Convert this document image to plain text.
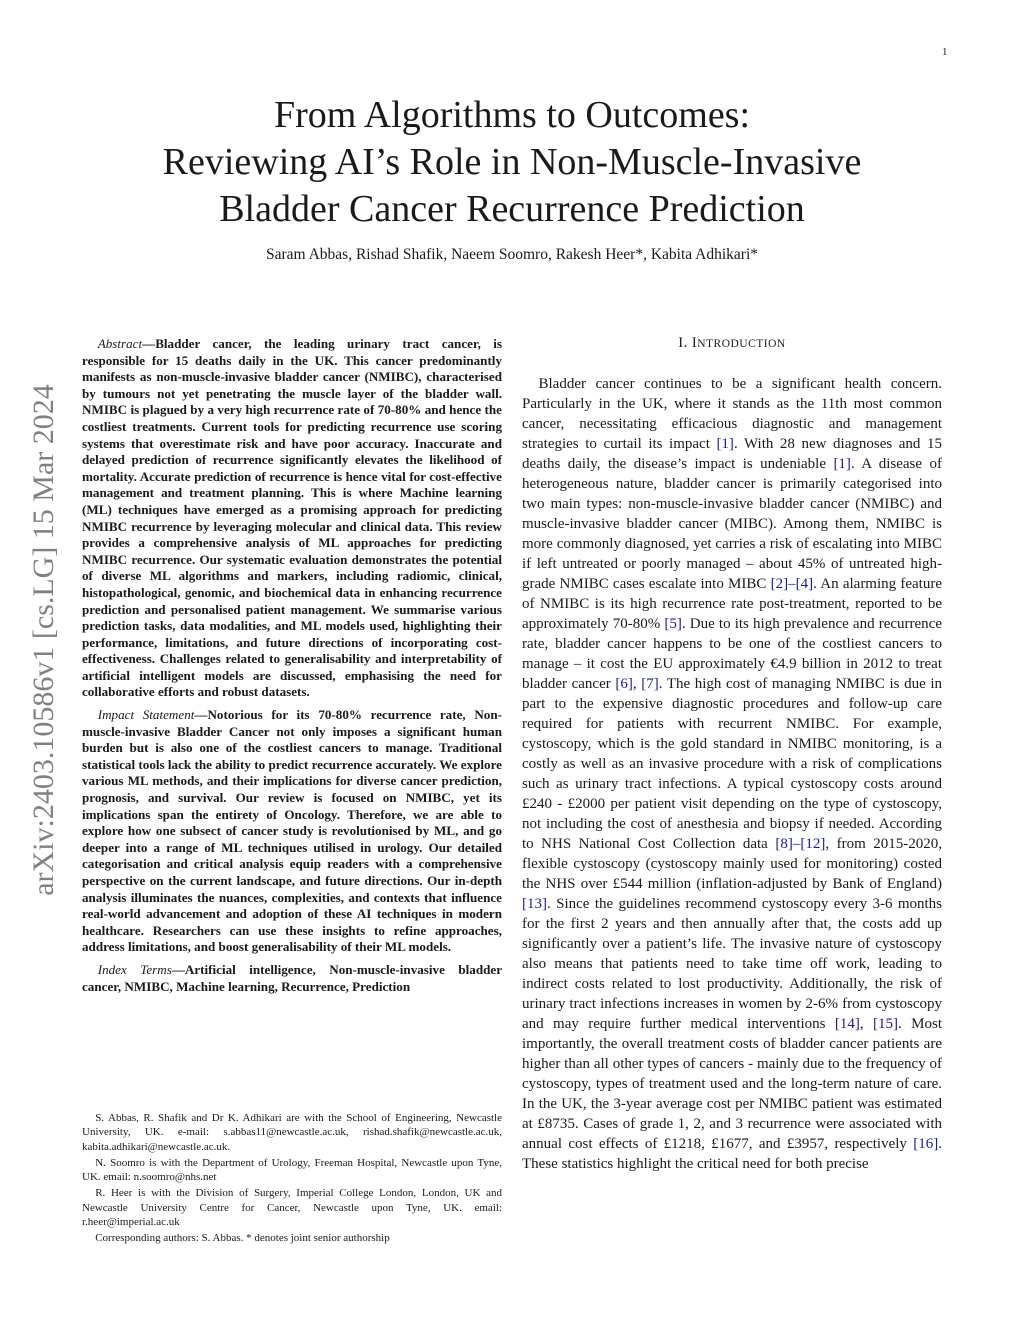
1
arXiv:2403.10586v1 [cs.LG] 15 Mar 2024
From Algorithms to Outcomes:
Reviewing AI’s Role in Non-Muscle-Invasive
Bladder Cancer Recurrence Prediction
Saram Abbas, Rishad Shafik, Naeem Soomro, Rakesh Heer*, Kabita Adhikari*

Abstract—Bladder cancer, the leading urinary tract cancer, is responsible for 15 deaths daily in the UK. This cancer predominantly manifests as non-muscle-invasive bladder cancer (NMIBC), characterised by tumours not yet penetrating the muscle layer of the bladder wall. NMIBC is plagued by a very high recurrence rate of 70-80% and hence the costliest treatments. Current tools for predicting recurrence use scoring systems that overestimate risk and have poor accuracy. Inaccurate and delayed prediction of recurrence significantly elevates the likelihood of mortality. Accurate prediction of recurrence is hence vital for cost-effective management and treatment planning. This is where Machine learning (ML) techniques have emerged as a promising approach for predicting NMIBC recurrence by leveraging molecular and clinical data. This review provides a comprehensive analysis of ML approaches for predicting NMIBC recurrence. Our systematic evaluation demonstrates the potential of diverse ML algorithms and markers, including radiomic, clinical, histopathological, genomic, and biochemical data in enhancing recurrence prediction and personalised patient management. We summarise various prediction tasks, data modalities, and ML models used, highlighting their performance, limitations, and future directions of incorporating cost-effectiveness. Challenges related to generalisability and interpretability of artificial intelligent models are discussed, emphasising the need for collaborative efforts and robust datasets.

Impact Statement—Notorious for its 70-80% recurrence rate, Non-muscle-invasive Bladder Cancer not only imposes a significant human burden but is also one of the costliest cancers to manage. Traditional statistical tools lack the ability to predict recurrence accurately. We explore various ML methods, and their implications for diverse cancer prediction, prognosis, and survival. Our review is focused on NMIBC, yet its implications span the entirety of Oncology. Therefore, we are able to explore how one subsect of cancer study is revolutionised by ML, and go deeper into a range of ML techniques utilised in urology. Our detailed categorisation and critical analysis equip readers with a comprehensive perspective on the current landscape, and future directions. Our in-depth analysis illuminates the nuances, complexities, and contexts that influence real-world advancement and adoption of these AI techniques in modern healthcare. Researchers can use these insights to refine approaches, address limitations, and boost generalisability of their ML models.

Index Terms—Artificial intelligence, Non-muscle-invasive bladder cancer, NMIBC, Machine learning, Recurrence, Prediction

S. Abbas, R. Shafik and Dr K. Adhikari are with the School of Engineering, Newcastle University, UK. e-mail: s.abbas11@newcastle.ac.uk, rishad.shafik@newcastle.ac.uk, kabita.adhikari@newcastle.ac.uk.

N. Soomro is with the Department of Urology, Freeman Hospital, Newcastle upon Tyne, UK. email: n.soomro@nhs.net

R. Heer is with the Division of Surgery, Imperial College London, London, UK and Newcastle University Centre for Cancer, Newcastle upon Tyne, UK. email: r.heer@imperial.ac.uk

Corresponding authors: S. Abbas. * denotes joint senior authorship

I. INTRODUCTION

Bladder cancer continues to be a significant health concern. Particularly in the UK, where it stands as the 11th most common cancer, necessitating efficacious diagnostic and management strategies to curtail its impact [1]. With 28 new diagnoses and 15 deaths daily, the disease’s impact is undeniable [1]. A disease of heterogeneous nature, bladder cancer is primarily categorised into two main types: non-muscle-invasive bladder cancer (NMIBC) and muscle-invasive bladder cancer (MIBC). Among them, NMIBC is more commonly diagnosed, yet carries a risk of escalating into MIBC if left untreated or poorly managed – about 45% of untreated high-grade NMIBC cases escalate into MIBC [2]–[4]. An alarming feature of NMIBC is its high recurrence rate post-treatment, reported to be approximately 70-80% [5]. Due to its high prevalence and recurrence rate, bladder cancer happens to be one of the costliest cancers to manage – it cost the EU approximately €4.9 billion in 2012 to treat bladder cancer [6], [7]. The high cost of managing NMIBC is due in part to the expensive diagnostic procedures and follow-up care required for patients with recurrent NMIBC. For example, cystoscopy, which is the gold standard in NMIBC monitoring, is a costly as well as an invasive procedure with a risk of complications such as urinary tract infections. A typical cystoscopy costs around £240 - £2000 per patient visit depending on the type of cystoscopy, not including the cost of anesthesia and biopsy if needed. According to NHS National Cost Collection data [8]–[12], from 2015-2020, flexible cystoscopy (cystoscopy mainly used for monitoring) costed the NHS over £544 million (inflation-adjusted by Bank of England) [13]. Since the guidelines recommend cystoscopy every 3-6 months for the first 2 years and then annually after that, the costs add up significantly over a patient’s life. The invasive nature of cystoscopy also means that patients need to take time off work, leading to indirect costs related to lost productivity. Additionally, the risk of urinary tract infections increases in women by 2-6% from cystoscopy and may require further medical interventions [14], [15]. Most importantly, the overall treatment costs of bladder cancer patients are higher than all other types of cancers - mainly due to the frequency of cystoscopy, types of treatment used and the long-term nature of care. In the UK, the 3-year average cost per NMIBC patient was estimated at £8735. Cases of grade 1, 2, and 3 recurrence were associated with annual cost effects of £1218, £1677, and £3957, respectively [16]. These statistics highlight the critical need for both precise
